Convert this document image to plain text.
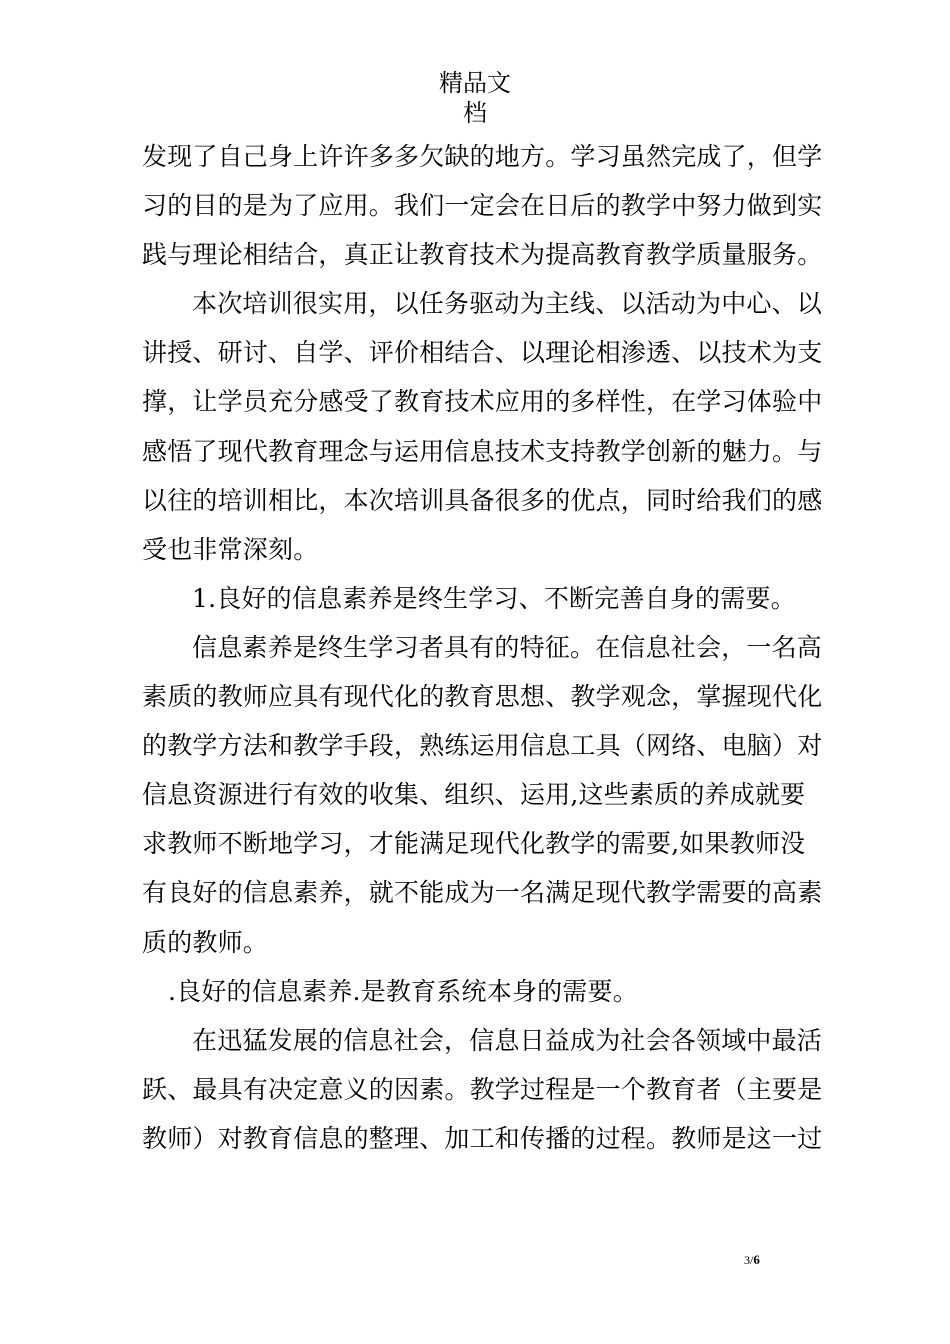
精品文
档
发现了自己身上许许多多欠缺的地方。学习虽然完成了，但学
习的目的是为了应用。我们一定会在日后的教学中努力做到实
践与理论相结合，真正让教育技术为提高教育教学质量服务。
本次培训很实用，以任务驱动为主线、以活动为中心、以
讲授、研讨、自学、评价相结合、以理论相渗透、以技术为支
撑，让学员充分感受了教育技术应用的多样性，在学习体验中
感悟了现代教育理念与运用信息技术支持教学创新的魅力。与
以往的培训相比，本次培训具备很多的优点，同时给我们的感
受也非常深刻。
1.良好的信息素养是终生学习、不断完善自身的需要。
信息素养是终生学习者具有的特征。在信息社会，一名高
素质的教师应具有现代化的教育思想、教学观念，掌握现代化
的教学方法和教学手段，熟练运用信息工具（网络、电脑）对
信息资源进行有效的收集、组织、运用,这些素质的养成就要
求教师不断地学习，才能满足现代化教学的需要,如果教师没
有良好的信息素养，就不能成为一名满足现代教学需要的高素
质的教师。
.良好的信息素养.是教育系统本身的需要。
在迅猛发展的信息社会，信息日益成为社会各领域中最活
跃、最具有决定意义的因素。教学过程是一个教育者（主要是
教师）对教育信息的整理、加工和传播的过程。教师是这一过
3/6
